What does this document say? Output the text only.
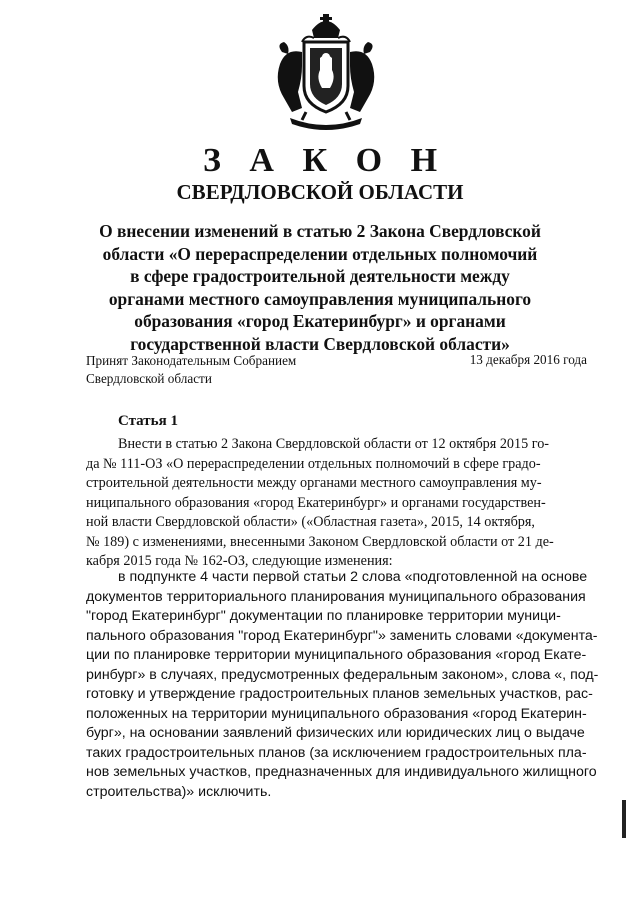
З А К О Н
СВЕРДЛОВСКОЙ ОБЛАСТИ
О внесении изменений в статью 2 Закона Свердловской
области «О перераспределении отдельных полномочий
в сфере градостроительной деятельности между
органами местного самоуправления муниципального
образования «город Екатеринбург» и органами
государственной власти Свердловской области»
Принят Законодательным Собранием
Свердловской области
13 декабря 2016 года
Статья 1
Внести в статью 2 Закона Свердловской области от 12 октября 2015 го-
да № 111-ОЗ «О перераспределении отдельных полномочий в сфере градо-
строительной деятельности между органами местного самоуправления му-
ниципального образования «город Екатеринбург» и органами государствен-
ной власти Свердловской области» («Областная газета», 2015, 14 октября,
№ 189) с изменениями, внесенными Законом Свердловской области от 21 де-
кабря 2015 года № 162-ОЗ, следующие изменения:
в подпункте 4 части первой статьи 2 слова «подготовленной на основе
документов территориального планирования муниципального образования
"город Екатеринбург" документации по планировке территории муници-
пального образования "город Екатеринбург"» заменить словами «документа-
ции по планировке территории муниципального образования «город Екате-
ринбург» в случаях, предусмотренных федеральным законом», слова «, под-
готовку и утверждение градостроительных планов земельных участков, рас-
положенных на территории муниципального образования «город Екатерин-
бург», на основании заявлений физических или юридических лиц о выдаче
таких градостроительных планов (за исключением градостроительных пла-
нов земельных участков, предназначенных для индивидуального жилищного
строительства)» исключить.
